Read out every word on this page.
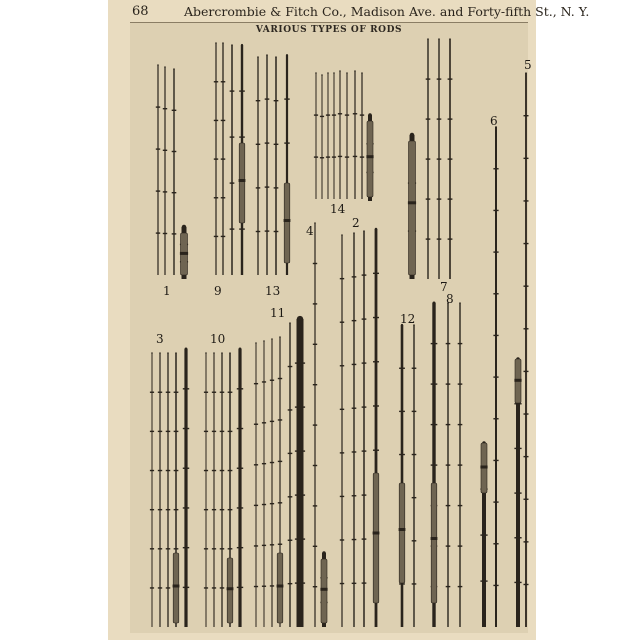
68	Abercrombie & Fitch Co., Madison Ave. and Forty-fifth St., N. Y.
VARIOUS TYPES OF RODS
1	9	13
14
4
2
3	10
11	12
7
8
6
5
